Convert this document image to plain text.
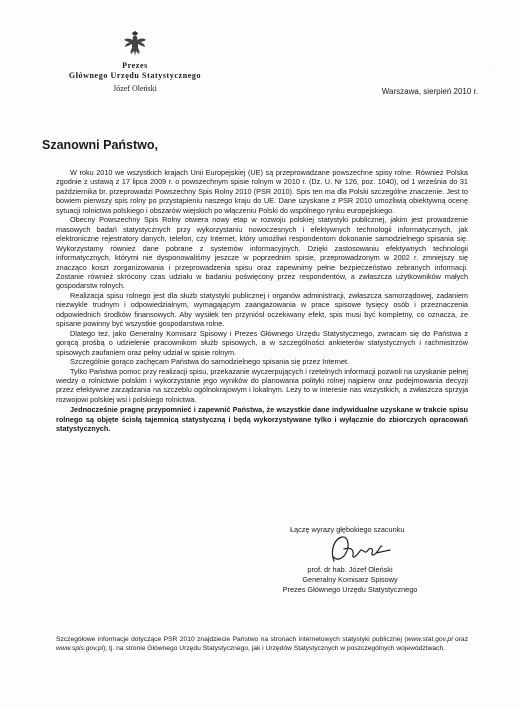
Prezes
Głównego Urzędu Statystycznego
Józef Oleński
·
Warszawa, sierpień 2010 r.
Szanowni Państwo,

W roku 2010 we wszystkich krajach Unii Europejskiej (UE) są przeprowadzane powszechne spisy rolne. Również Polska zgodnie z ustawą z 17 lipca 2009 r. o powszechnym spisie rolnym w 2010 r. (Dz. U. Nr 126, poz. 1040), od 1 września do 31 października br. przeprowadzi Powszechny Spis Rolny 2010 (PSR 2010). Spis ten ma dla Polski szczególne znaczenie. Jest to bowiem pierwszy spis rolny po przystąpieniu naszego kraju do UE. Dane uzyskane z PSR 2010 umożliwią obiektywną ocenę sytuacji rolnictwa polskiego i obszarów wiejskich po włączeniu Polski do wspólnego rynku europejskiego.

Obecny Powszechny Spis Rolny otwiera nowy etap w rozwoju polskiej statystyki publicznej, jakim jest prowadzenie masowych badań statystycznych przy wykorzystaniu nowoczesnych i efektywnych technologii informatycznych, jak elektroniczne rejestratory danych, telefon, czy Internet, który umożliwi respondentom dokonanie samodzielnego spisania się. Wykorzystamy również dane pobrane z systemów informacyjnych. Dzięki zastosowaniu efektywnych technologii informatycznych, którymi nie dysponowaliśmy jeszcze w poprzednim spisie, przeprowadzonym w 2002 r. zmniejszy się znacząco koszt zorganizowania i przeprowadzenia spisu oraz zapewnimy pełne bezpieczeństwo zebranych informacji. Zostanie również skrócony czas udziału w badaniu poświęcony przez respondentów, a zwłaszcza użytkowników małych gospodarstw rolnych.

Realizacja spisu rolnego jest dla służb statystyki publicznej i organów administracji, zwłaszcza samorządowej, zadaniem niezwykle trudnym i odpowiedzialnym, wymagającym zaangażowania w prace spisowe tysięcy osób i przeznaczenia odpowiednich środków finansowych. Aby wysiłek ten przyniósł oczekiwany efekt, spis musi być kompletny, co oznacza, że spisane powinny być wszystkie gospodarstwa rolne.

Dlatego też, jako Generalny Komisarz Spisowy i Prezes Głównego Urzędu Statystycznego, zwracam się do Państwa z gorącą prośbą o udzielenie pracownikom służb spisowych, a w szczególności ankieterów statystycznych i rachmistrzów spisowych zaufaniem oraz pełny udział w spisie rolnym.

Szczególnie gorąco zachęcam Państwa do samodzielnego spisania się przez Internet.

Tylko Państwa pomoc przy realizacji spisu, przekazanie wyczerpujących i rzetelnych informacji pozwoli na uzyskanie pełnej wiedzy o rolnictwie polskim i wykorzystanie jego wyników do planowania polityki rolnej najpierw oraz podejmowania decyzji przez efektywne zarządzania na szczeblu ogólnokrajowym i lokalnym. Leży to w interesie nas wszystkich, a zwłaszcza sprzyja rozwojowi polskiej wsi i polskiego rolnictwa.

Jednocześnie pragnę przypomnieć i zapewnić Państwa, że wszystkie dane indywidualne uzyskane w trakcie spisu rolnego są objęte ścisłą tajemnicą statystyczną i będą wykorzystywane tylko i wyłącznie do zbiorczych opracowań statystycznych.

Łączę wyrazy głębokiego szacunku
prof. dr hab. Józef Oleński
Generalny Komisarz Spisowy
Prezes Głównego Urzędu Statystycznego
Szczegółowe informacje dotyczące PSR 2010 znajdziecie Państwo na stronach internetowych statystyki publicznej (www.stat.gov.pl oraz www.spis.gov.pl), tj. na stronie Głównego Urzędu Statystycznego, jak i Urzędów Statystycznych w poszczególnych województwach.
